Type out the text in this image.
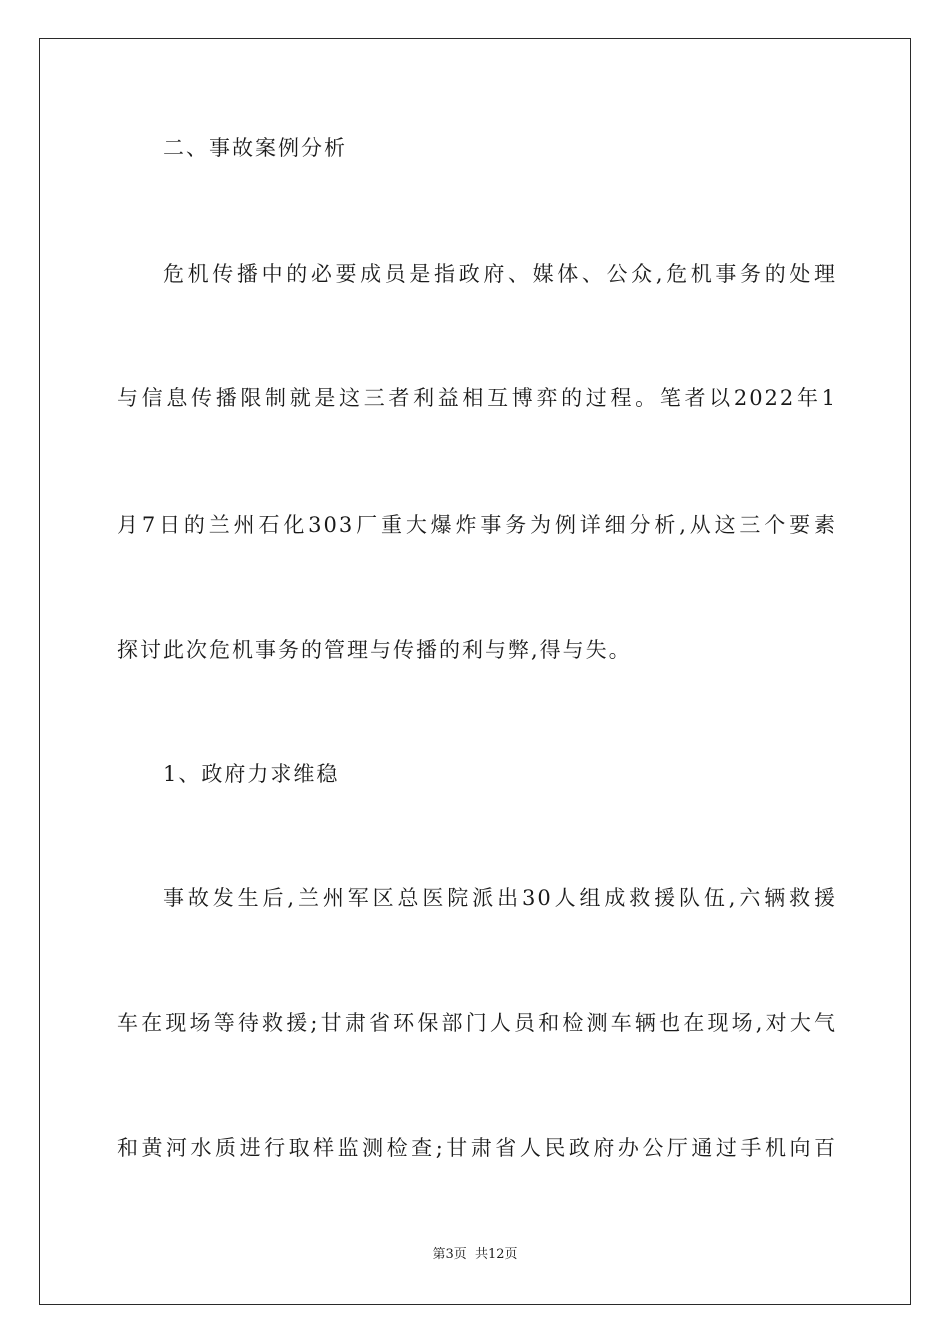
二、事故案例分析
危机传播中的必要成员是指政府、媒体、公众,危机事务的处理
与信息传播限制就是这三者利益相互博弈的过程。笔者以2022年1
月7日的兰州石化303厂重大爆炸事务为例详细分析,从这三个要素
探讨此次危机事务的管理与传播的利与弊,得与失。
1、政府力求维稳
事故发生后,兰州军区总医院派出30人组成救援队伍,六辆救援
车在现场等待救援;甘肃省环保部门人员和检测车辆也在现场,对大气
和黄河水质进行取样监测检查;甘肃省人民政府办公厅通过手机向百
第3页  共12页
